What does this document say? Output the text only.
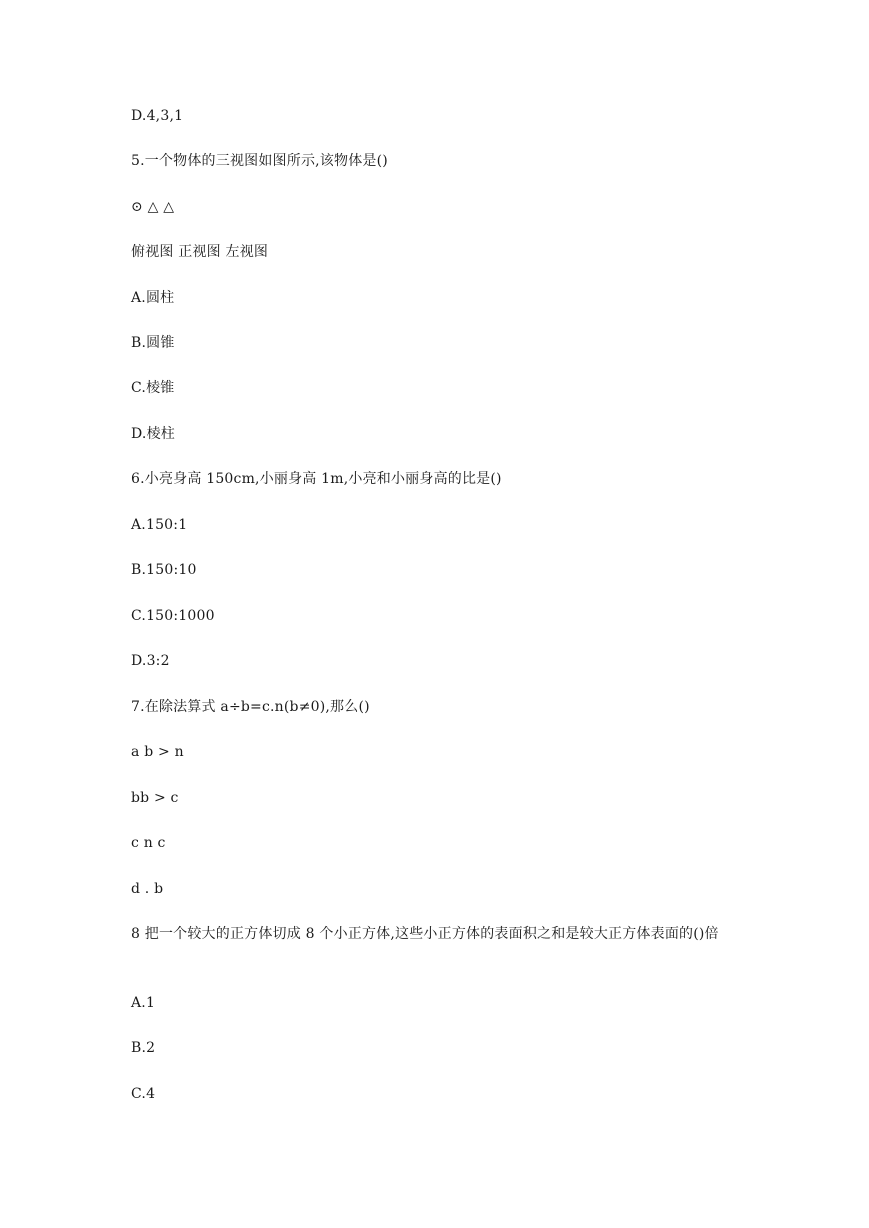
D.4,3,1
5.一个物体的三视图如图所示,该物体是()
⊙ △ △
俯视图 正视图 左视图
A.圆柱
B.圆锥
C.棱锥
D.棱柱
6.小亮身高 150cm,小丽身高 1m,小亮和小丽身高的比是()
A.150:1
B.150:10
C.150:1000
D.3:2
7.在除法算式 a÷b=c.n(b≠0),那么()
a b > n
bb > c
c n c
d . b
8 把一个较大的正方体切成 8 个小正方体,这些小正方体的表面积之和是较大正方体表面的()倍
A.1
B.2
C.4
